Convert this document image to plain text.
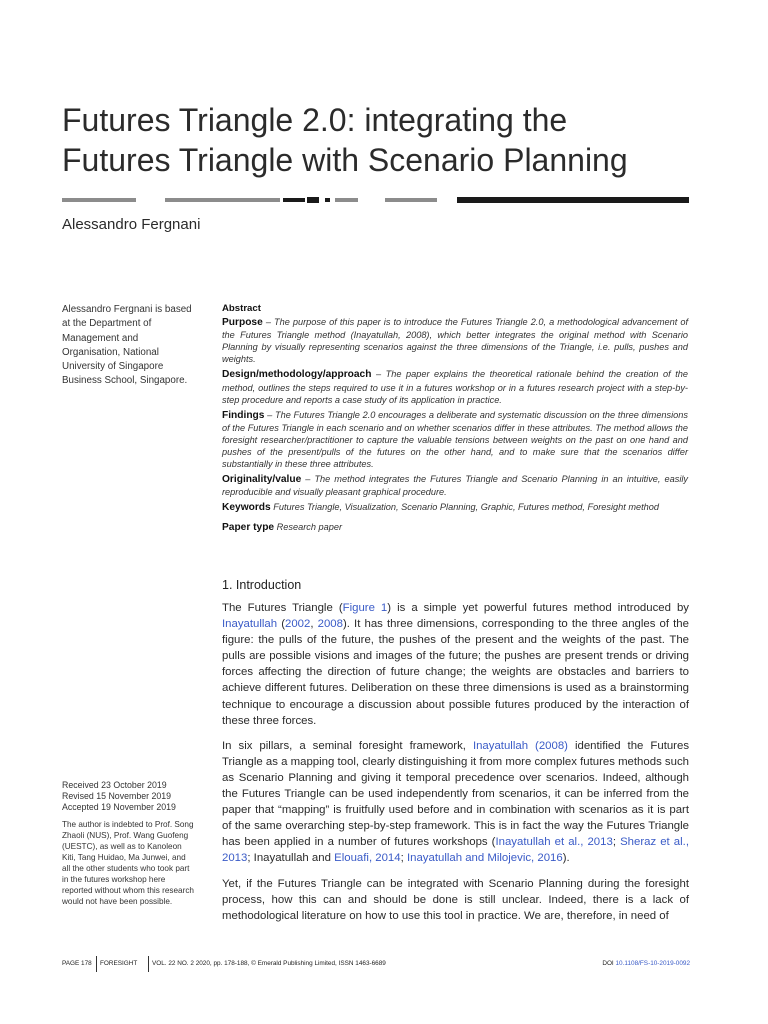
Futures Triangle 2.0: integrating the
Futures Triangle with Scenario Planning
Alessandro Fergnani
Alessandro Fergnani is based at the Department of Management and Organisation, National University of Singapore Business School, Singapore.
Received 23 October 2019
Revised 15 November 2019
Accepted 19 November 2019
The author is indebted to Prof. Song Zhaoli (NUS), Prof. Wang Guofeng (UESTC), as well as to Kanoleon Kiti, Tang Huidao, Ma Junwei, and all the other students who took part in the futures workshop here reported without whom this research would not have been possible.
Abstract

Purpose – The purpose of this paper is to introduce the Futures Triangle 2.0, a methodological advancement of the Futures Triangle method (Inayatullah, 2008), which better integrates the original method with Scenario Planning by visually representing scenarios against the three dimensions of the Triangle, i.e. pulls, pushes and weights.

Design/methodology/approach – The paper explains the theoretical rationale behind the creation of the method, outlines the steps required to use it in a futures workshop or in a futures research project with a step-by-step procedure and reports a case study of its application in practice.

Findings – The Futures Triangle 2.0 encourages a deliberate and systematic discussion on the three dimensions of the Futures Triangle in each scenario and on whether scenarios differ in these attributes. The method allows the foresight researcher/practitioner to capture the valuable tensions between weights on the past on one hand and pushes of the present/pulls of the futures on the other hand, and to make sure that the scenarios differ substantially in these three attributes.

Originality/value – The method integrates the Futures Triangle and Scenario Planning in an intuitive, easily reproducible and visually pleasant graphical procedure.

Keywords Futures Triangle, Visualization, Scenario Planning, Graphic, Futures method, Foresight method

Paper type Research paper

1. Introduction

The Futures Triangle (Figure 1) is a simple yet powerful futures method introduced by Inayatullah (2002, 2008). It has three dimensions, corresponding to the three angles of the figure: the pulls of the future, the pushes of the present and the weights of the past. The pulls are possible visions and images of the future; the pushes are present trends or driving forces affecting the direction of future change; the weights are obstacles and barriers to achieve different futures. Deliberation on these three dimensions is used as a brainstorming technique to encourage a discussion about possible futures produced by the interaction of these three forces.

In six pillars, a seminal foresight framework, Inayatullah (2008) identified the Futures Triangle as a mapping tool, clearly distinguishing it from more complex futures methods such as Scenario Planning and giving it temporal precedence over scenarios. Indeed, although the Futures Triangle can be used independently from scenarios, it can be inferred from the paper that “mapping” is fruitfully used before and in combination with scenarios as it is part of the same overarching step-by-step framework. This is in fact the way the Futures Triangle has been applied in a number of futures workshops (Inayatullah et al., 2013; Sheraz et al., 2013; Inayatullah and Elouafi, 2014; Inayatullah and Milojevic, 2016).

Yet, if the Futures Triangle can be integrated with Scenario Planning during the foresight process, how this can and should be done is still unclear. Indeed, there is a lack of methodological literature on how to use this tool in practice. We are, therefore, in need of

PAGE 178 FORESIGHT VOL. 22 NO. 2 2020, pp. 178-188, © Emerald Publishing Limited, ISSN 1463-6689	DOI 10.1108/FS-10-2019-0092
